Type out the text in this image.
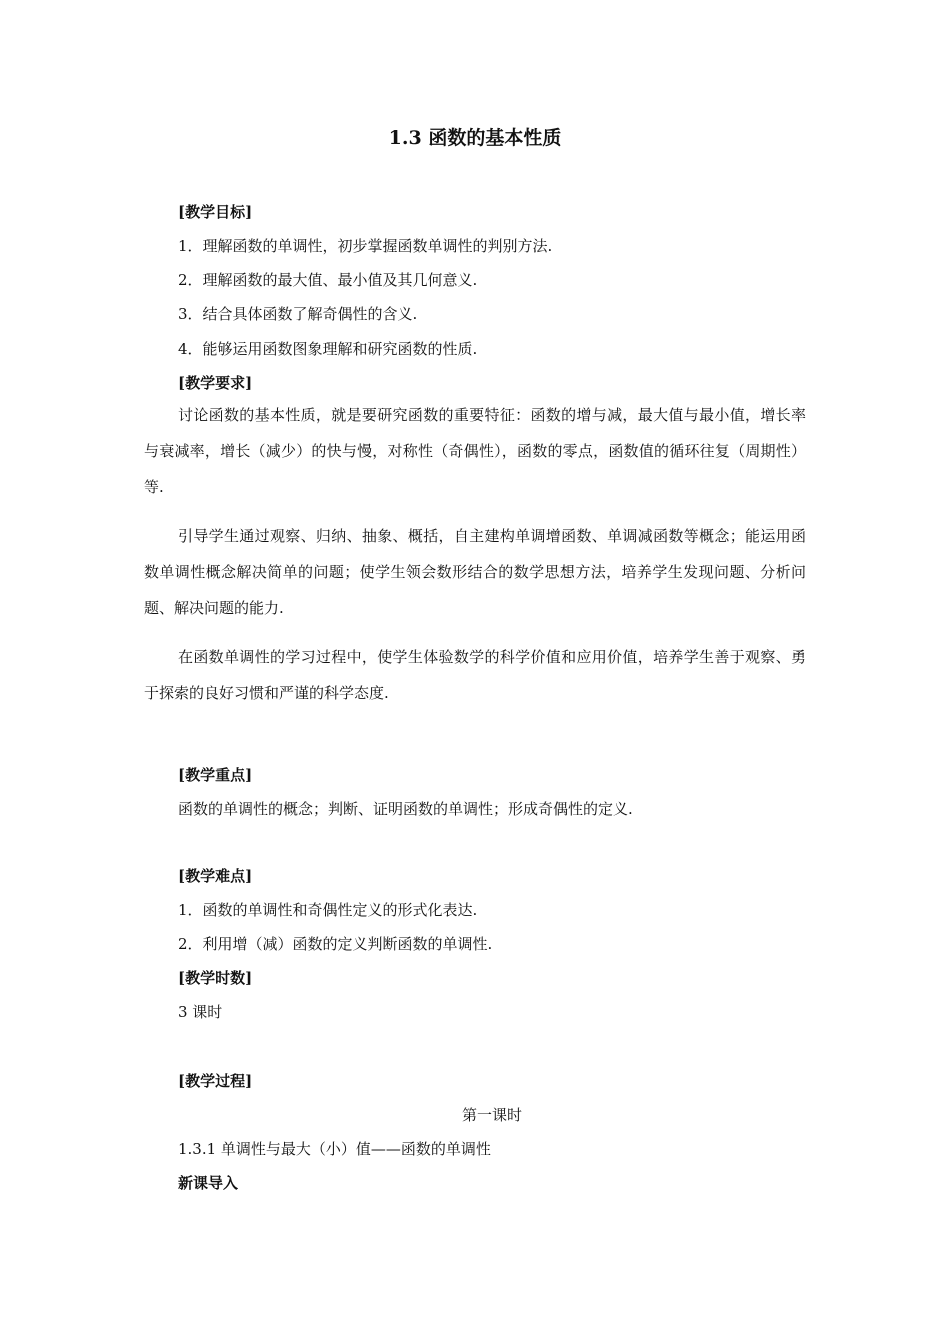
1.3 函数的基本性质
[教学目标]
1．理解函数的单调性，初步掌握函数单调性的判别方法.
2．理解函数的最大值、最小值及其几何意义.
3．结合具体函数了解奇偶性的含义.
4．能够运用函数图象理解和研究函数的性质.
[教学要求]

讨论函数的基本性质，就是要研究函数的重要特征：函数的增与减，最大值与最小值，增长率与衰减率，增长（减少）的快与慢，对称性（奇偶性），函数的零点，函数值的循环往复（周期性）等.

引导学生通过观察、归纳、抽象、概括，自主建构单调增函数、单调减函数等概念；能运用函数单调性概念解决简单的问题；使学生领会数形结合的数学思想方法，培养学生发现问题、分析问题、解决问题的能力.

在函数单调性的学习过程中，使学生体验数学的科学价值和应用价值，培养学生善于观察、勇于探索的良好习惯和严谨的科学态度.

[教学重点]
函数的单调性的概念；判断、证明函数的单调性；形成奇偶性的定义.
[教学难点]
1．函数的单调性和奇偶性定义的形式化表达.
2．利用增（减）函数的定义判断函数的单调性.
[教学时数]
3 课时
[教学过程]
第一课时
1.3.1 单调性与最大（小）值——函数的单调性
新课导入
